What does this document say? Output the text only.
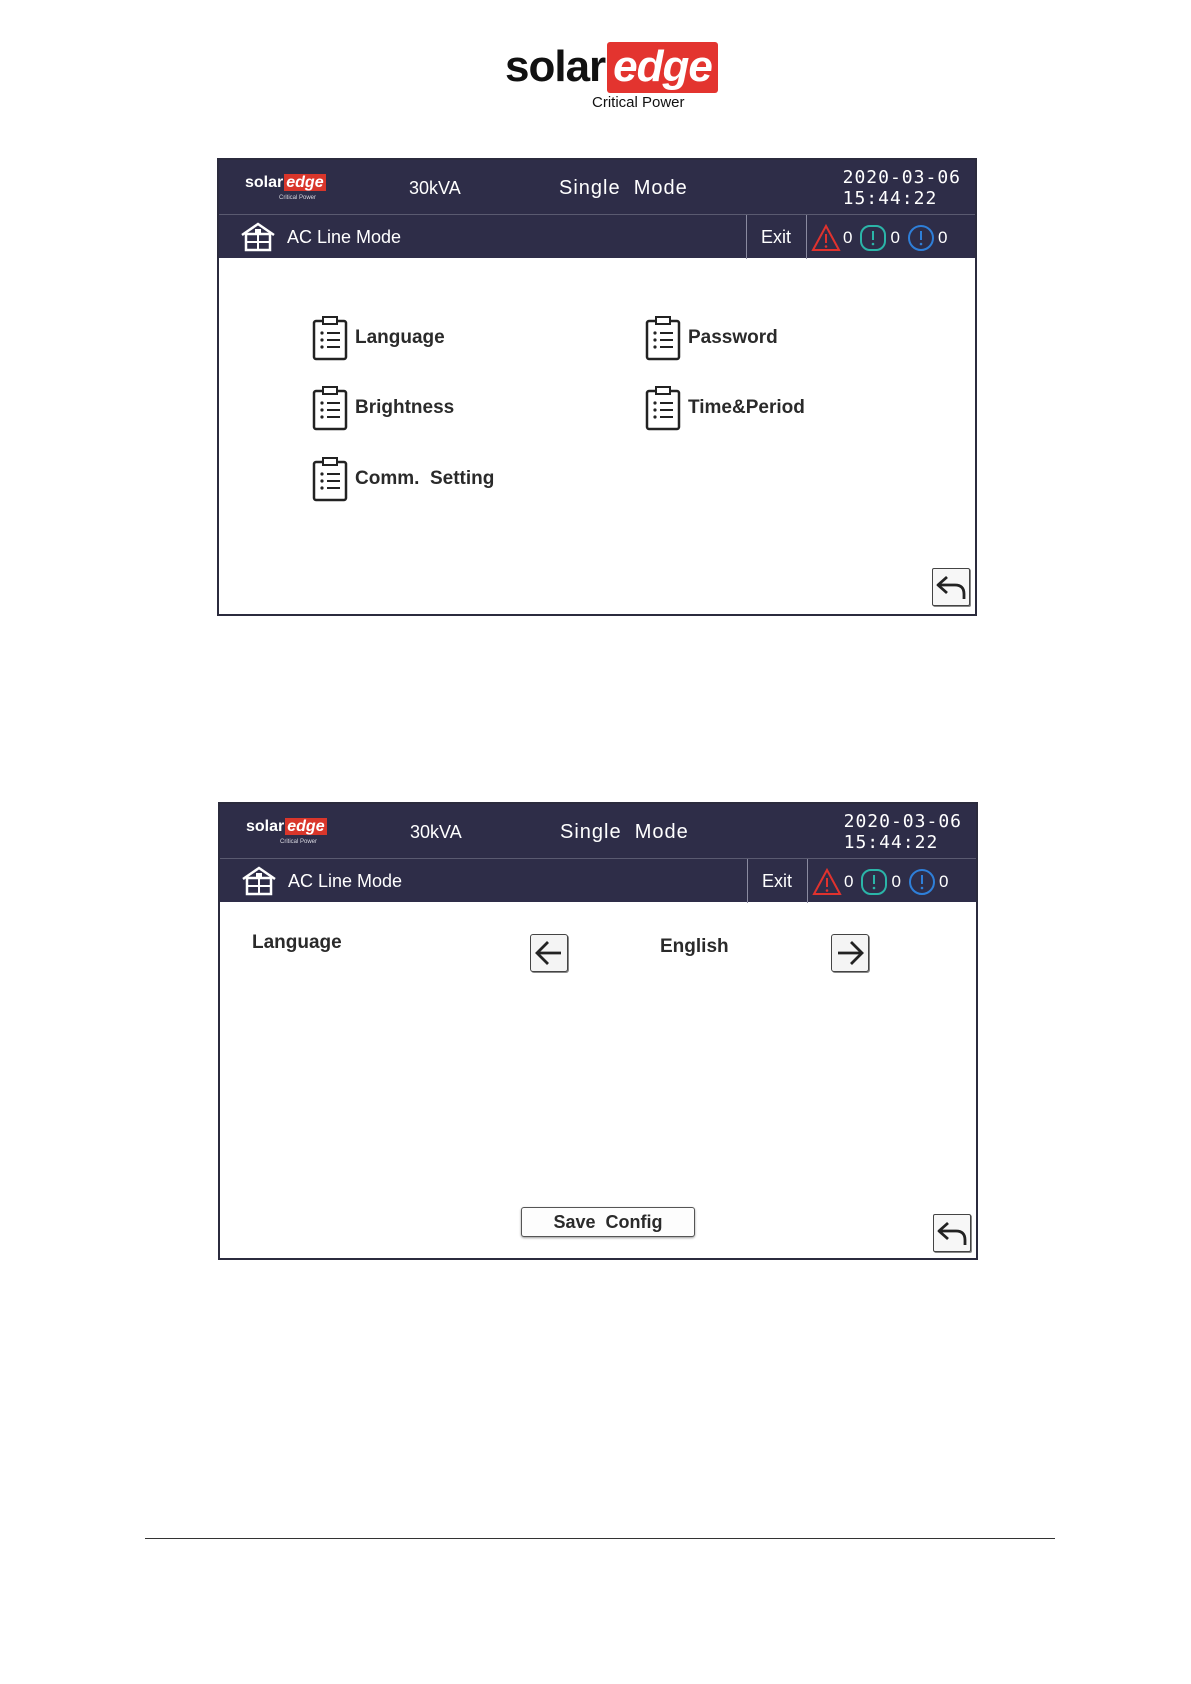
solar edge
Critical Power
solar edge
Critical Power	30kVA	Single  Mode	2020-03-06
15:44:22
AC Line Mode	Exit	0 0 0
Language	Password
Brightness	Time&Period
Comm.  Setting
solar edge
Critical Power	30kVA	Single  Mode	2020-03-06
15:44:22
AC Line Mode	Exit	0 0 0
Language	English
Save  Config
